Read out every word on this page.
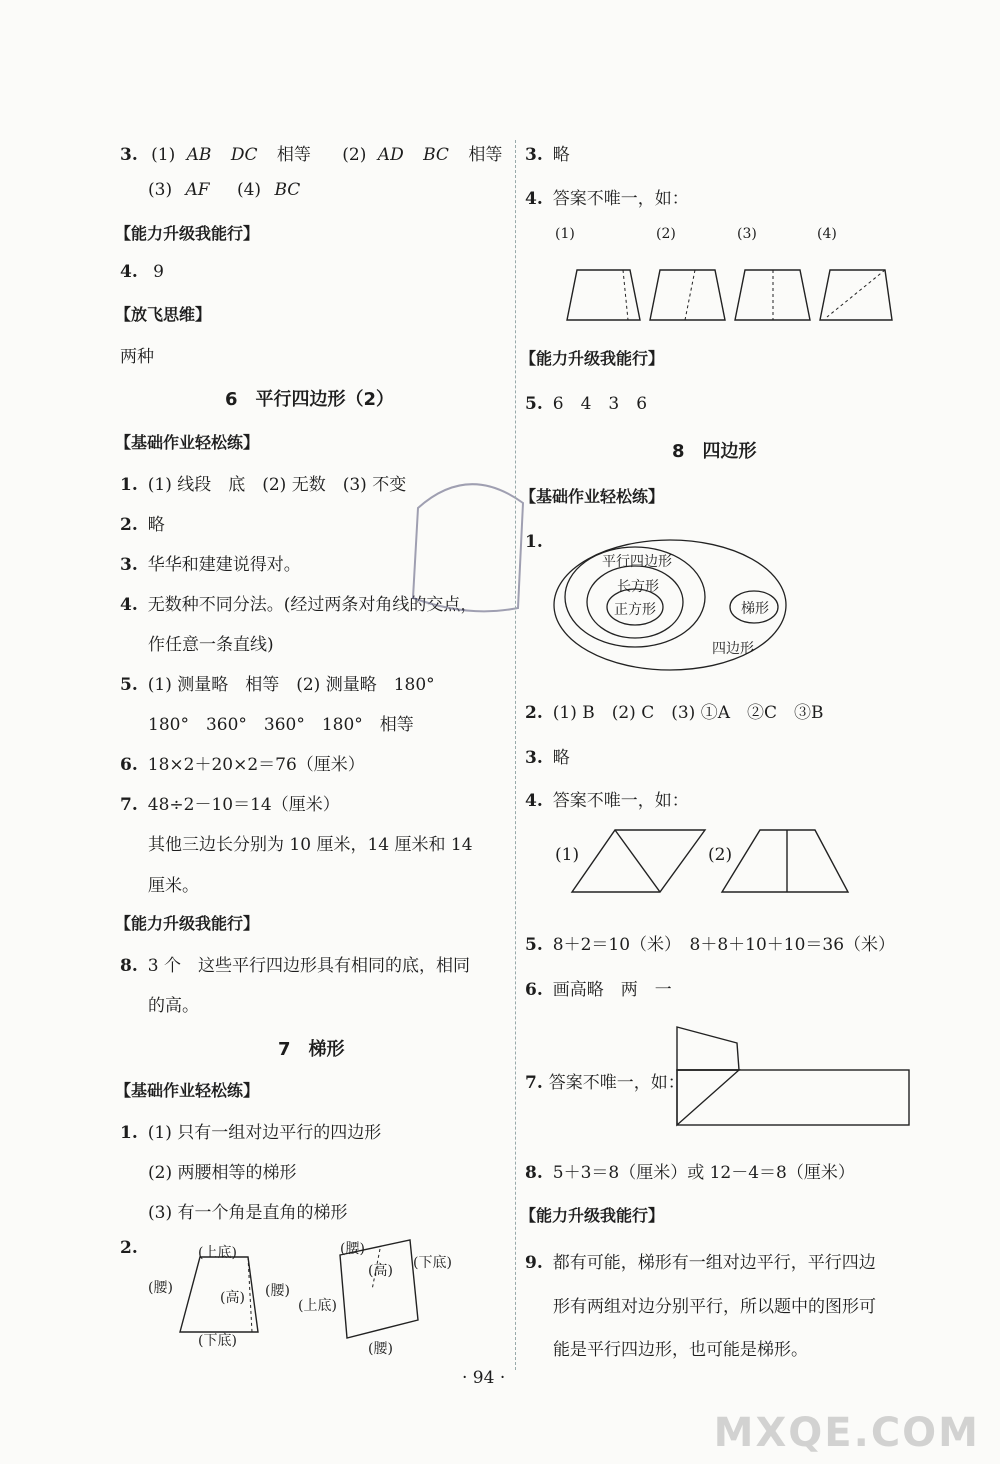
3. (1) AB DC 相等 (2) AD BC 相等
(3) AF (4) BC
【能力升级我能行】
4. 9
【放飞思维】
两种
6　平行四边形（2）
【基础作业轻松练】
1. (1) 线段　底　(2) 无数　(3) 不变
2. 略
3. 华华和建建说得对。
4. 无数种不同分法。(经过两条对角线的交点，
作任意一条直线)
5. (1) 测量略　相等　(2) 测量略　180°
180°　360°　360°　180°　相等
6. 18×2＋20×2＝76（厘米）
7. 48÷2－10＝14（厘米）
其他三边长分别为 10 厘米，14 厘米和 14
厘米。
【能力升级我能行】
8. 3 个　这些平行四边形具有相同的底，相同
的高。
7　梯形
【基础作业轻松练】
1. (1) 只有一组对边平行的四边形
(2) 两腰相等的梯形
(3) 有一个角是直角的梯形
2.	(上底)
(腰)
(高) (腰)
(下底)
(腰)
(高) (下底)
(上底)
(腰)
3. 略
4. 答案不唯一，如：
(1)	(2)	(3)	(4)
【能力升级我能行】
5. 6　4　3　6
8　四边形
【基础作业轻松练】
1.
平行四边形
长方形
正方形	梯形
四边形
2. (1) B　(2) C　(3) ①A　②C　③B
3. 略
4. 答案不唯一，如：
(1)	(2)
5. 8＋2＝10（米）　8＋8＋10＋10＝36（米）
6. 画高略　两　一
7. 答案不唯一，如：
8. 5＋3＝8（厘米）或 12－4＝8（厘米）
【能力升级我能行】
9. 都有可能，梯形有一组对边平行，平行四边
形有两组对边分别平行，所以题中的图形可
能是平行四边形，也可能是梯形。
· 94 ·
MXQE.COM
